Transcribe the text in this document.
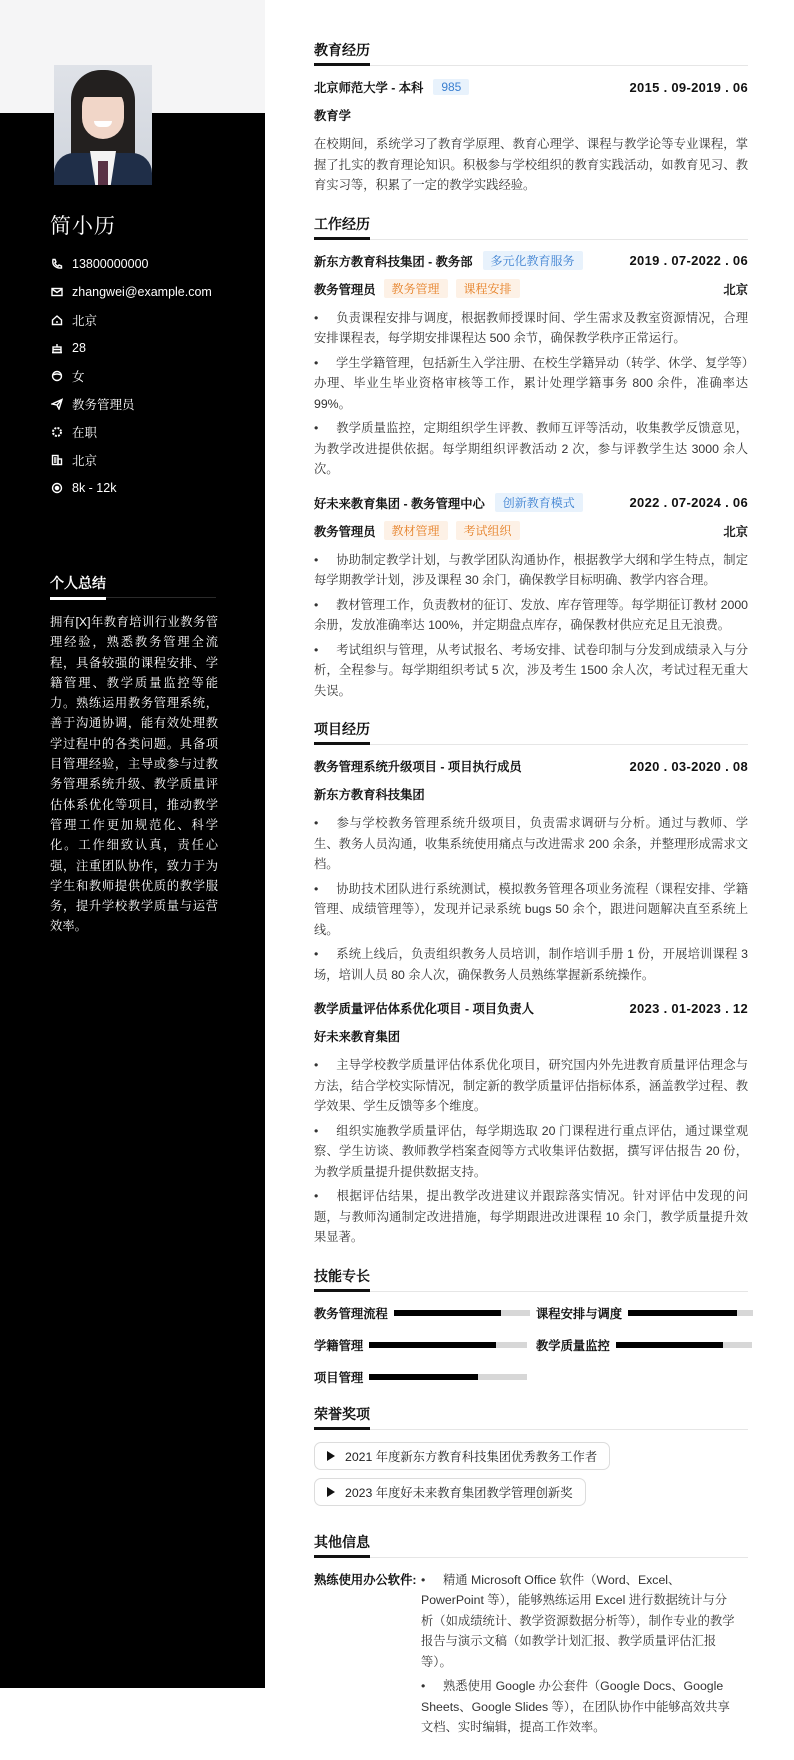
简小历
13800000000
zhangwei@example.com
北京
28
女
教务管理员
在职
北京
8k - 12k
个人总结
拥有[X]年教育培训行业教务管理经验，熟悉教务管理全流程，具备较强的课程安排、学籍管理、教学质量监控等能力。熟练运用教务管理系统，善于沟通协调，能有效处理教学过程中的各类问题。具备项目管理经验，主导或参与过教务管理系统升级、教学质量评估体系优化等项目，推动教学管理工作更加规范化、科学化。工作细致认真，责任心强，注重团队协作，致力于为学生和教师提供优质的教学服务，提升学校教学质量与运营效率。
教育经历
北京师范大学 - 本科	985	2015 . 09-2019 . 06
教育学
在校期间，系统学习了教育学原理、教育心理学、课程与教学论等专业课程，掌握了扎实的教育理论知识。积极参与学校组织的教育实践活动，如教育见习、教育实习等，积累了一定的教学实践经验。
工作经历
新东方教育科技集团 - 教务部	多元化教育服务	2019 . 07-2022 . 06
教务管理员	教务管理	课程安排	北京
• 负责课程安排与调度，根据教师授课时间、学生需求及教室资源情况，合理安排课程表，每学期安排课程达 500 余节，确保教学秩序正常运行。
• 学生学籍管理，包括新生入学注册、在校生学籍异动（转学、休学、复学等）办理、毕业生毕业资格审核等工作，累计处理学籍事务 800 余件，准确率达 99%。
• 教学质量监控，定期组织学生评教、教师互评等活动，收集教学反馈意见，为教学改进提供依据。每学期组织评教活动 2 次，参与评教学生达 3000 余人次。
好未来教育集团 - 教务管理中心	创新教育模式	2022 . 07-2024 . 06
教务管理员	教材管理	考试组织	北京
• 协助制定教学计划，与教学团队沟通协作，根据教学大纲和学生特点，制定每学期教学计划，涉及课程 30 余门，确保教学目标明确、教学内容合理。
• 教材管理工作，负责教材的征订、发放、库存管理等。每学期征订教材 2000 余册，发放准确率达 100%，并定期盘点库存，确保教材供应充足且无浪费。
• 考试组织与管理，从考试报名、考场安排、试卷印制与分发到成绩录入与分析，全程参与。每学期组织考试 5 次，涉及考生 1500 余人次，考试过程无重大失误。
项目经历
教务管理系统升级项目 - 项目执行成员	2020 . 03-2020 . 08
新东方教育科技集团
• 参与学校教务管理系统升级项目，负责需求调研与分析。通过与教师、学生、教务人员沟通，收集系统使用痛点与改进需求 200 余条，并整理形成需求文档。
• 协助技术团队进行系统测试，模拟教务管理各项业务流程（课程安排、学籍管理、成绩管理等），发现并记录系统 bugs 50 余个，跟进问题解决直至系统上线。
• 系统上线后，负责组织教务人员培训，制作培训手册 1 份，开展培训课程 3 场，培训人员 80 余人次，确保教务人员熟练掌握新系统操作。
教学质量评估体系优化项目 - 项目负责人	2023 . 01-2023 . 12
好未来教育集团
• 主导学校教学质量评估体系优化项目，研究国内外先进教育质量评估理念与方法，结合学校实际情况，制定新的教学质量评估指标体系，涵盖教学过程、教学效果、学生反馈等多个维度。
• 组织实施教学质量评估，每学期选取 20 门课程进行重点评估，通过课堂观察、学生访谈、教师教学档案查阅等方式收集评估数据，撰写评估报告 20 份，为教学质量提升提供数据支持。
• 根据评估结果，提出教学改进建议并跟踪落实情况。针对评估中发现的问题，与教师沟通制定改进措施，每学期跟进改进课程 10 余门，教学质量提升效果显著。
技能专长
教务管理流程	课程安排与调度
学籍管理	教学质量监控
项目管理
荣誉奖项
2021 年度新东方教育科技集团优秀教务工作者
2023 年度好未来教育集团教学管理创新奖
其他信息
熟练使用办公软件: • 精通 Microsoft Office 软件（Word、Excel、PowerPoint 等），能够熟练运用 Excel 进行数据统计与分析（如成绩统计、教学资源数据分析等），制作专业的教学报告与演示文稿（如教学计划汇报、教学质量评估汇报等）。
• 熟悉使用 Google 办公套件（Google Docs、Google Sheets、Google Slides 等），在团队协作中能够高效共享文档、实时编辑，提高工作效率。
